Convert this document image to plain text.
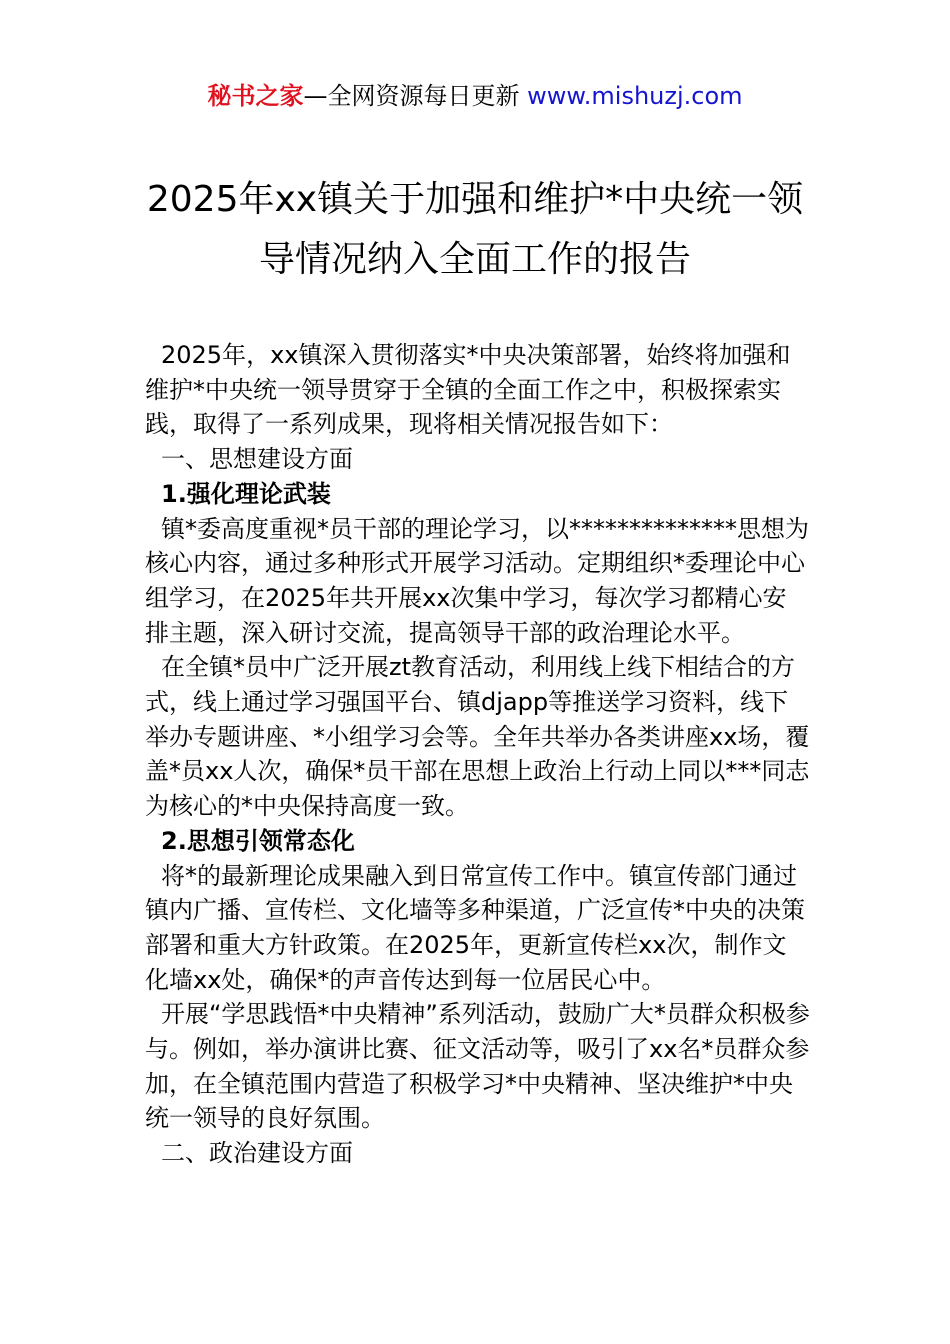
秘书之家—全网资源每日更新 www.mishuzj.com
2025年xx镇关于加强和维护*中央统一领
导情况纳入全面工作的报告

2025年，xx镇深入贯彻落实*中央决策部署，始终将加强和维护*中央统一领导贯穿于全镇的全面工作之中，积极探索实践，取得了一系列成果，现将相关情况报告如下：

一、思想建设方面

1.强化理论武装

镇*委高度重视*员干部的理论学习，以**************思想为核心内容，通过多种形式开展学习活动。定期组织*委理论中心组学习，在2025年共开展xx次集中学习，每次学习都精心安排主题，深入研讨交流，提高领导干部的政治理论水平。

在全镇*员中广泛开展zt教育活动，利用线上线下相结合的方式，线上通过学习强国平台、镇djapp等推送学习资料，线下举办专题讲座、*小组学习会等。全年共举办各类讲座xx场，覆盖*员xx人次，确保*员干部在思想上政治上行动上同以***同志为核心的*中央保持高度一致。

2.思想引领常态化

将*的最新理论成果融入到日常宣传工作中。镇宣传部门通过镇内广播、宣传栏、文化墙等多种渠道，广泛宣传*中央的决策部署和重大方针政策。在2025年，更新宣传栏xx次，制作文化墙xx处，确保*的声音传达到每一位居民心中。

开展“学思践悟*中央精神”系列活动，鼓励广大*员群众积极参与。例如，举办演讲比赛、征文活动等，吸引了xx名*员群众参加，在全镇范围内营造了积极学习*中央精神、坚决维护*中央统一领导的良好氛围。

二、政治建设方面
